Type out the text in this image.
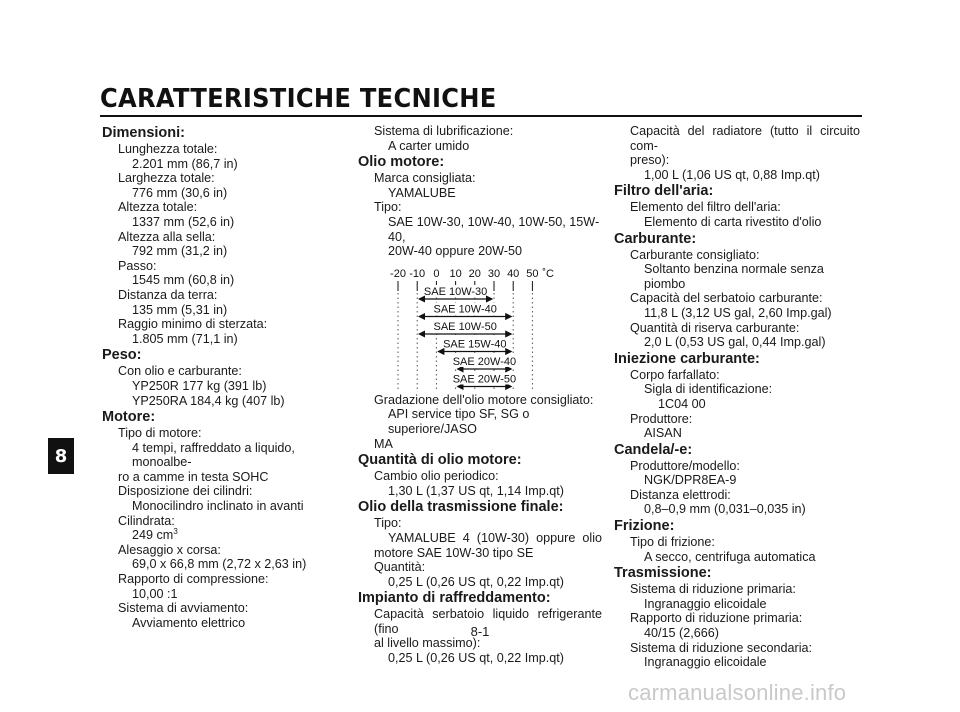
CARATTERISTICHE TECNICHE
8
Dimensioni:
Lunghezza totale:
2.201 mm (86,7 in)
Larghezza totale:
776 mm (30,6 in)
Altezza totale:
1337 mm (52,6 in)
Altezza alla sella:
792 mm (31,2 in)
Passo:
1545 mm (60,8 in)
Distanza da terra:
135 mm (5,31 in)
Raggio minimo di sterzata:
1.805 mm (71,1 in)
Peso:
Con olio e carburante:
YP250R 177 kg (391 lb)
YP250RA 184,4 kg (407 lb)
Motore:
Tipo di motore:
4 tempi, raffreddato a liquido, monoalbe-
ro a camme in testa SOHC
Disposizione dei cilindri:
Monocilindro inclinato in avanti
Cilindrata:
249 $cm^3$
Alesaggio x corsa:
69,0 x 66,8 mm (2,72 x 2,63 in)
Rapporto di compressione:
10,00 :1
Sistema di avviamento:
Avviamento elettrico
Sistema di lubrificazione:
A carter umido
Olio motore:
Marca consigliata:
YAMALUBE
Tipo:
SAE 10W-30, 10W-40, 10W-50, 15W-40,
20W-40 oppure 20W-50
-20 -10 0 10 20 30 40 50 ˚C
SAE 10W-30
SAE 10W-40
SAE 10W-50
SAE 15W-40
SAE 20W-40
SAE 20W-50
Gradazione dell'olio motore consigliato:
API service tipo SF, SG o superiore/JASO
MA
Quantità di olio motore:
Cambio olio periodico:
1,30 L (1,37 US qt, 1,14 Imp.qt)
Olio della trasmissione finale:
Tipo:
YAMALUBE 4 (10W-30) oppure olio
motore SAE 10W-30 tipo SE
Quantità:
0,25 L (0,26 US qt, 0,22 Imp.qt)
Impianto di raffreddamento:
Capacità serbatoio liquido refrigerante (fino
al livello massimo):
0,25 L (0,26 US qt, 0,22 Imp.qt)
Capacità del radiatore (tutto il circuito com-
preso):
1,00 L (1,06 US qt, 0,88 Imp.qt)
Filtro dell'aria:
Elemento del filtro dell'aria:
Elemento di carta rivestito d'olio
Carburante:
Carburante consigliato:
Soltanto benzina normale senza piombo
Capacità del serbatoio carburante:
11,8 L (3,12 US gal, 2,60 Imp.gal)
Quantità di riserva carburante:
2,0 L (0,53 US gal, 0,44 Imp.gal)
Iniezione carburante:
Corpo farfallato:
Sigla di identificazione:
1C04 00
Produttore:
AISAN
Candela/-e:
Produttore/modello:
NGK/DPR8EA-9
Distanza elettrodi:
0,8–0,9 mm (0,031–0,035 in)
Frizione:
Tipo di frizione:
A secco, centrifuga automatica
Trasmissione:
Sistema di riduzione primaria:
Ingranaggio elicoidale
Rapporto di riduzione primaria:
40/15 (2,666)
Sistema di riduzione secondaria:
Ingranaggio elicoidale
8-1
carmanualsonline.info
